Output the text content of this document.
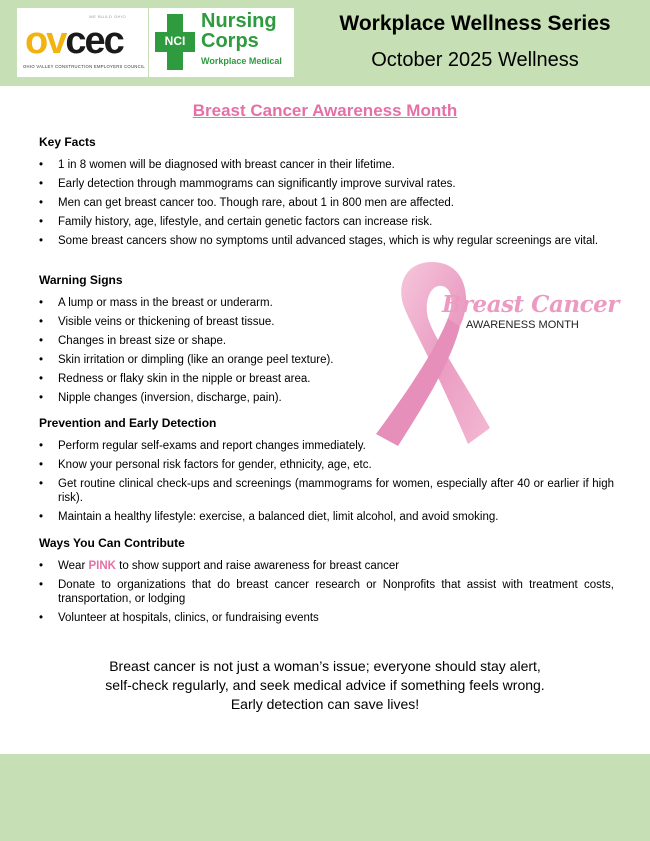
WE BUILD OHIO
ovcec
OHIO VALLEY CONSTRUCTION EMPLOYERS COUNCIL
NCI
Nursing
Corps
Workplace Medical
Workplace Wellness Series
October 2025 Wellness
Breast Cancer Awareness Month
Key Facts
• 1 in 8 women will be diagnosed with breast cancer in their lifetime.
• Early detection through mammograms can significantly improve survival rates.
• Men can get breast cancer too. Though rare, about 1 in 800 men are affected.
• Family history, age, lifestyle, and certain genetic factors can increase risk.
• Some breast cancers show no symptoms until advanced stages, which is why regular screenings are vital.
Warning Signs
• A lump or mass in the breast or underarm.
• Visible veins or thickening of breast tissue.
• Changes in breast size or shape.
• Skin irritation or dimpling (like an orange peel texture).
• Redness or flaky skin in the nipple or breast area.
• Nipple changes (inversion, discharge, pain).
Breast Cancer
AWARENESS MONTH
Prevention and Early Detection
• Perform regular self-exams and report changes immediately.
• Know your personal risk factors for gender, ethnicity, age, etc.
• Get routine clinical check-ups and screenings (mammograms for women, especially after 40 or earlier if high risk).
• Maintain a healthy lifestyle: exercise, a balanced diet, limit alcohol, and avoid smoking.
Ways You Can Contribute
• Wear PINK to show support and raise awareness for breast cancer
• Donate to organizations that do breast cancer research or Nonprofits that assist with treatment costs, transportation, or lodging
• Volunteer at hospitals, clinics, or fundraising events
Breast cancer is not just a woman’s issue; everyone should stay alert,
self-check regularly, and seek medical advice if something feels wrong.
Early detection can save lives!
